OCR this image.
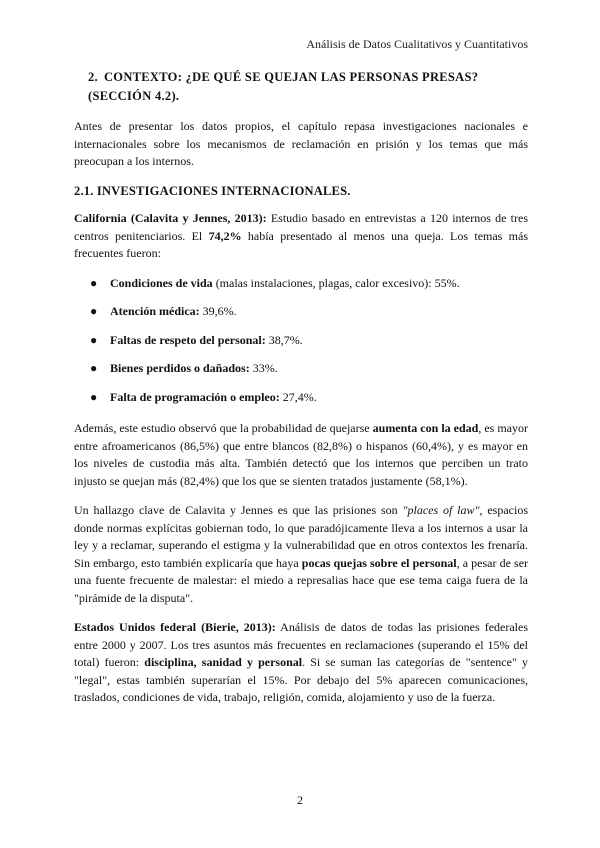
Análisis de Datos Cualitativos y Cuantitativos
2. CONTEXTO: ¿DE QUÉ SE QUEJAN LAS PERSONAS PRESAS? (SECCIÓN 4.2).

Antes de presentar los datos propios, el capítulo repasa investigaciones nacionales e internacionales sobre los mecanismos de reclamación en prisión y los temas que más preocupan a los internos.

2.1. INVESTIGACIONES INTERNACIONALES.

California (Calavita y Jennes, 2013): Estudio basado en entrevistas a 120 internos de tres centros penitenciarios. El 74,2% había presentado al menos una queja. Los temas más frecuentes fueron:

● Condiciones de vida (malas instalaciones, plagas, calor excesivo): 55%.
● Atención médica: 39,6%.
● Faltas de respeto del personal: 38,7%.
● Bienes perdidos o dañados: 33%.
● Falta de programación o empleo: 27,4%.

Además, este estudio observó que la probabilidad de quejarse aumenta con la edad, es mayor entre afroamericanos (86,5%) que entre blancos (82,8%) o hispanos (60,4%), y es mayor en los niveles de custodia más alta. También detectó que los internos que perciben un trato injusto se quejan más (82,4%) que los que se sienten tratados justamente (58,1%).

Un hallazgo clave de Calavita y Jennes es que las prisiones son "places of law", espacios donde normas explícitas gobiernan todo, lo que paradójicamente lleva a los internos a usar la ley y a reclamar, superando el estigma y la vulnerabilidad que en otros contextos les frenaría. Sin embargo, esto también explicaría que haya pocas quejas sobre el personal, a pesar de ser una fuente frecuente de malestar: el miedo a represalias hace que ese tema caiga fuera de la "pirámide de la disputa".

Estados Unidos federal (Bierie, 2013): Análisis de datos de todas las prisiones federales entre 2000 y 2007. Los tres asuntos más frecuentes en reclamaciones (superando el 15% del total) fueron: disciplina, sanidad y personal. Si se suman las categorías de "sentence" y "legal", estas también superarían el 15%. Por debajo del 5% aparecen comunicaciones, traslados, condiciones de vida, trabajo, religión, comida, alojamiento y uso de la fuerza.

2
